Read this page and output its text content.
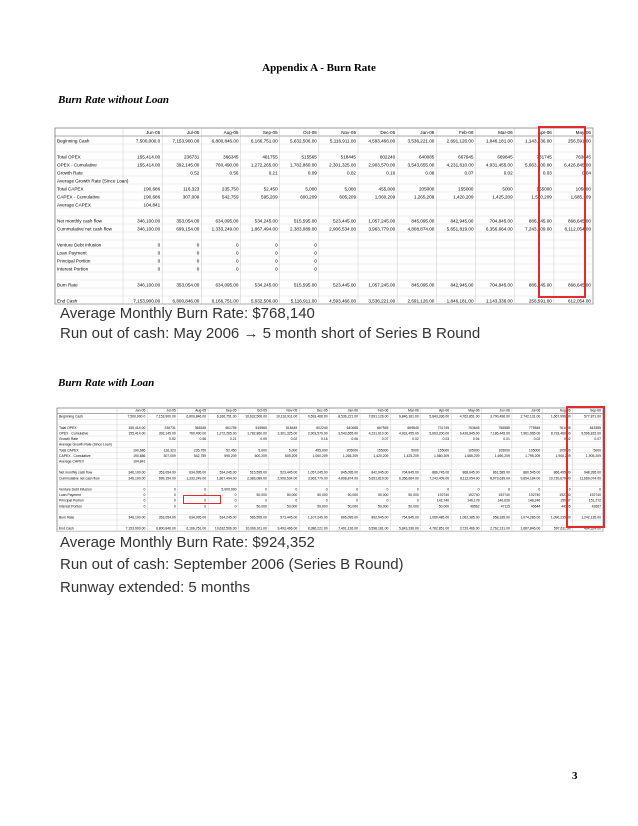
Appendix A - Burn Rate
Burn Rate without Loan
Jun-05	Jul-05	Aug-05	Sep-05	Oct-05	Nov-05	Dec-05	Jan-06	Feb-06	Mar-06	Apr-06	May-06
Beginning Cash	7,500,000.0	7,153,900.00	6,800,846.00	6,166,751.00	5,632,506.00	5,116,911.00	4,593,466.00	3,536,221.00	2,691,126.00	1,846,181.00	1,143,336.00	256,591.00
Total OPEX	155,414.00	236731	366345	461755	515565	518445	602240	640085	667945	669845	731745	763645
OPEX - Cumulative	155,414.00	392,145.00	760,490.00	1,272,265.00	1,782,860.00	2,301,325.00	2,903,570.00	3,543,655.00	4,231,610.00	4,931,455.00	5,663,200.00	6,426,845.00
Growth Rate	0.52	0.56	0.21	0.09	0.02	0.16	0.06	0.07	0.02	0.03	0.04
Average Growth Rate (Since Loan)
Total CAPEX	190,686	116,323	235,750	52,450	5,000	5,000	455,000	205000	155000	5000	155000	105000
CAPEX - Cumulative	190,686	307,009	542,759	595,209	600,209	605,209	1,060,209	1,265,209	1,420,209	1,425,209	1,580,209	1,685,209
Average CAPEX	104,841
Net monthly cash flow	346,100.00	353,054.00	634,095.00	534,245.00	515,595.00	523,445.00	1,057,245.00	845,095.00	842,945.00	704,845.00	886,745.00	868,645.00
Cummulative net cash flow	346,100.00	699,154.00	1,333,249.00	1,867,494.00	2,383,089.00	2,906,534.00	3,963,779.00	4,808,874.00	5,651,819.00	6,356,664.00	7,243,409.00	8,112,054.00
Venture Debt Infusion	0	0	0	0	0
Loan Payment	0	0	0	0	0
Principal Portion	0	0	0	0	0
Interest Portion	0	0	0	0	0
Burn Rate	346,100.00	353,054.00	634,095.00	534,245.00	515,595.00	523,445.00	1,057,245.00	845,095.00	842,945.00	704,845.00	886,745.00	868,645.00
End Cash	7,153,900.00	6,800,846.00	6,166,751.00	5,632,506.00	5,116,911.00	4,593,466.00	3,536,221.00	2,691,126.00	1,846,181.00	1,143,336.00	256,591.00	612,054.00
Average Monthly Burn Rate: $768,140
Run out of cash: May 2006 → 5 month short of Series B Round
Burn Rate with Loan
Jun-05	Jul-05	Aug-05	Sep-05	Oct-05	Nov-05	Dec-05	Jan-06	Feb-06	Mar-06	Apr-06	May-06	Jun-06	Jul-06	Aug-06	Sep-06
Beginning Cash	7,500,000.0	7,153,900.00	6,800,846.00	6,166,751.00	10,632,506.00	10,116,911.00	9,593,466.00	8,536,221.00	7,691,126.00	6,846,181.00	5,843,336.00	4,762,851.00	3,700,496.00	2,742,131.00	1,667,996.00	577,871.00
Total OPEX	155,414.00	236731	366345	461755	515565	518445	602240	640085	667945	669845	731745	763645	756585	775545	761495	843355
OPEX - Cumulative	155,414.00	392,145.00	760,490.00	1,272,265.00	1,782,860.00	2,301,325.00	2,903,570.00	3,543,655.00	4,231,610.00	4,931,455.00	5,663,200.00	6,426,845.00	7,186,445.00	7,961,965.00	8,733,460.00	9,596,815.00
Growth Rate	0.52	0.56	0.21	0.09	0.02	0.16	0.06	0.07	0.02	0.03	0.04	0.01	0.02	0.02	0.07
Average Growth Rate (Since Loan)
Total CAPEX	190,686	116,323	235,750	52,450	5,000	5,000	455,000	205000	155000	5000	155000	105000	105000	105000	105000	5000
CAPEX - Cumulative	190,686	307,009	542,759	595,209	600,209	605,209	1,060,209	1,265,209	1,420,209	1,425,209	1,580,209	1,685,209	1,690,209	1,795,209	1,900,209	1,905,209
Average CAPEX	104,841
Net monthly cash flow	346,100.00	353,054.00	634,095.00	534,245.00	515,595.00	523,445.00	1,057,245.00	845,095.00	842,945.00	704,845.00	886,745.00	868,645.00	861,585.00	880,545.00	866,495.00	948,395.00
Cummulative net cash flow	346,100.00	699,154.00	1,333,249.00	1,867,494.00	2,383,089.00	2,906,534.00	3,963,779.00	4,808,874.00	5,651,819.00	6,356,664.00	7,243,409.00	8,112,054.00	8,973,639.00	9,854,184.00	10,720,679.00	11,669,074.00
Venture Debt Infusion	0	0	0	5,000,000	0	0	0	0	0	0	0	0	0	0	0	0
Loan Payment	0	0	0	0	50,000	50,000	50,000	50,000	50,000	50,000	192740	192740	192740	192740	192740	192740
Principal Portion	0	0	0	0	0	0	0	0	0	0	142,740	146,178	146,626	148,246	150,57	151,272
Interest Portion	0	0	0	0	50,000	50,000	50,000	50,000	50,000	50,000	50,000	46562	47115	45644	44165	42667
Burn Rate	346,100.00	353,054.00	634,095.00	534,245.00	565,595.00	573,445.00	1,107,245.00	895,095.00	892,945.00	754,845.00	1,060,485.00	1,062,385.00	958,335.00	1,074,285.00	1,090,235.00	1,242,135.00
End Cash	7,153,900.00	6,800,846.00	6,166,751.00	10,632,506.00	10,066,911.00	9,493,466.00	8,386,221.00	7,491,126.00	6,598,181.00	5,843,336.00	4,782,851.00	3,720,466.00	2,762,131.00	1,687,846.00	597,611.00	464,324.00
Average Monthly Burn Rate: $924,352
Run out of cash: September 2006 (Series B Round)
Runway extended: 5 months
3
